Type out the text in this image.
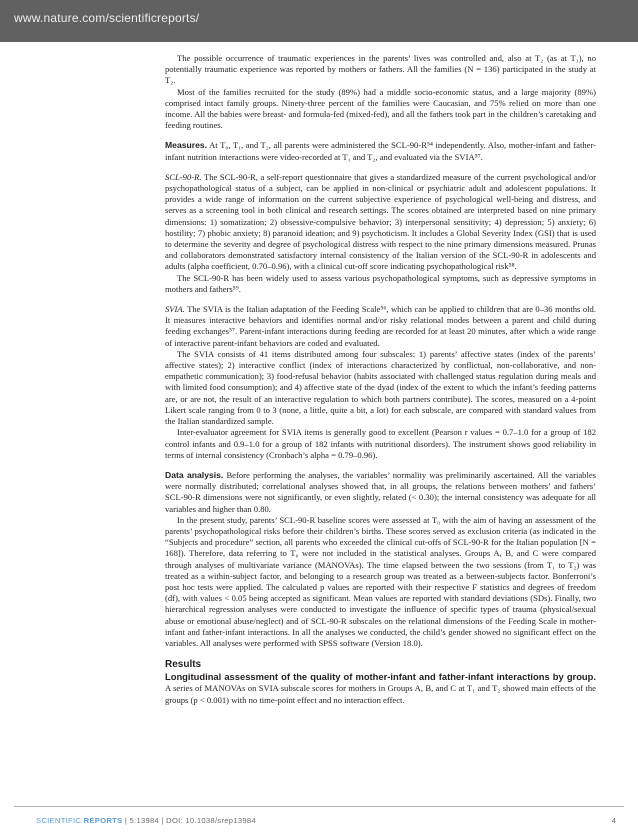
www.nature.com/scientificreports/

The possible occurrence of traumatic experiences in the parents’ lives was controlled and, also at T₂ (as at T₁), no potentially traumatic experience was reported by mothers or fathers. All the families (N = 136) participated in the study at T₂.

Most of the families recruited for the study (89%) had a middle socio-economic status, and a large majority (89%) comprised intact family groups. Ninety-three percent of the families were Caucasian, and 75% relied on more than one income. All the babies were breast- and formula-fed (mixed-fed), and all the fathers took part in the children’s caretaking and feeding routines.

Measures. At T₀, T₁, and T₂, all parents were administered the SCL-90-R⁵⁴ independently. Also, mother-infant and father-infant nutrition interactions were video-recorded at T₁ and T₂, and evaluated via the SVIA⁵⁷.

SCL-90-R. The SCL-90-R, a self-report questionnaire that gives a standardized measure of the current psychological and/or psychopathological status of a subject, can be applied in non-clinical or psychiatric adult and adolescent populations. It provides a wide range of information on the current subjective experience of psychological well-being and distress, and serves as a screening tool in both clinical and research settings. The scores obtained are interpreted based on nine primary dimensions: 1) somatization; 2) obsessive-compulsive behavior; 3) interpersonal sensitivity; 4) depression; 5) anxiety; 6) hostility; 7) phobic anxiety; 8) paranoid ideation; and 9) psychoticism. It includes a Global Severity Index (GSI) that is used to determine the severity and degree of psychological distress with respect to the nine primary dimensions measured. Prunas and collaborators demonstrated satisfactory internal consistency of the Italian version of the SCL-90-R in adolescents and adults (alpha coefficient, 0.70–0.96), with a clinical cut-off score indicating psychopathological risk⁵⁸.

The SCL-90-R has been widely used to assess various psychopathological symptoms, such as depressive symptoms in mothers and fathers⁵⁹.

SVIA. The SVIA is the Italian adaptation of the Feeding Scale⁵⁶, which can be applied to children that are 0–36 months old. It measures interactive behaviors and identifies normal and/or risky relational modes between a parent and child during feeding exchanges⁵⁷. Parent-infant interactions during feeding are recorded for at least 20 minutes, after which a wide range of interactive parent-infant behaviors are coded and evaluated.

The SVIA consists of 41 items distributed among four subscales: 1) parents’ affective states (index of the parents’ affective states); 2) interactive conflict (index of interactions characterized by conflictual, non-collaborative, and non-empathetic communication); 3) food-refusal behavior (habits associated with challenged status regulation during meals and with limited food consumption); and 4) affective state of the dyad (index of the extent to which the infant’s feeding patterns are, or are not, the result of an interactive regulation to which both partners contribute). The scores, measured on a 4-point Likert scale ranging from 0 to 3 (none, a little, quite a bit, a lot) for each subscale, are compared with standard values from the Italian standardized sample.

Inter-evaluator agreement for SVIA items is generally good to excellent (Pearson r values = 0.7–1.0 for a group of 182 control infants and 0.9–1.0 for a group of 182 infants with nutritional disorders). The instrument shows good reliability in terms of internal consistency (Cronbach’s alpha = 0.79–0.96).

Data analysis. Before performing the analyses, the variables’ normality was preliminarily ascertained. All the variables were normally distributed; correlational analyses showed that, in all groups, the relations between mothers’ and fathers’ SCL-90-R dimensions were not significantly, or even slightly, related (< 0.30); the internal consistency was adequate for all variables and higher than 0.80.

In the present study, parents’ SCL-90-R baseline scores were assessed at T₀ with the aim of having an assessment of the parents’ psychopathological risks before their children’s births. These scores served as exclusion criteria (as indicated in the “Subjects and procedure” section, all parents who exceeded the clinical cut-offs of SCL-90-R for the Italian population [N = 168]). Therefore, data referring to T₀ were not included in the statistical analyses. Groups A, B, and C were compared through analyses of multivariate variance (MANOVAs). The time elapsed between the two sessions (from T₁ to T₂) was treated as a within-subject factor, and belonging to a research group was treated as a between-subjects factor. Bonferroni’s post hoc tests were applied. The calculated p values are reported with their respective F statistics and degrees of freedom (df), with values < 0.05 being accepted as significant. Mean values are reported with standard deviations (SDs). Finally, two hierarchical regression analyses were conducted to investigate the influence of specific types of trauma (physical/sexual abuse or emotional abuse/neglect) and of SCL-90-R subscales on the relational dimensions of the Feeding Scale in mother-infant and father-infant interactions. In all the analyses we conducted, the child’s gender showed no significant effect on the variables. All analyses were performed with SPSS software (Version 18.0).

Results

Longitudinal assessment of the quality of mother-infant and father-infant interactions by group. A series of MANOVAs on SVIA subscale scores for mothers in Groups A, B, and C at T₁ and T₂ showed main effects of the groups (p < 0.001) with no time-point effect and no interaction effect.

SCIENTIFIC REPORTS | 5:13984 | DOI: 10.1038/srep13984	4
